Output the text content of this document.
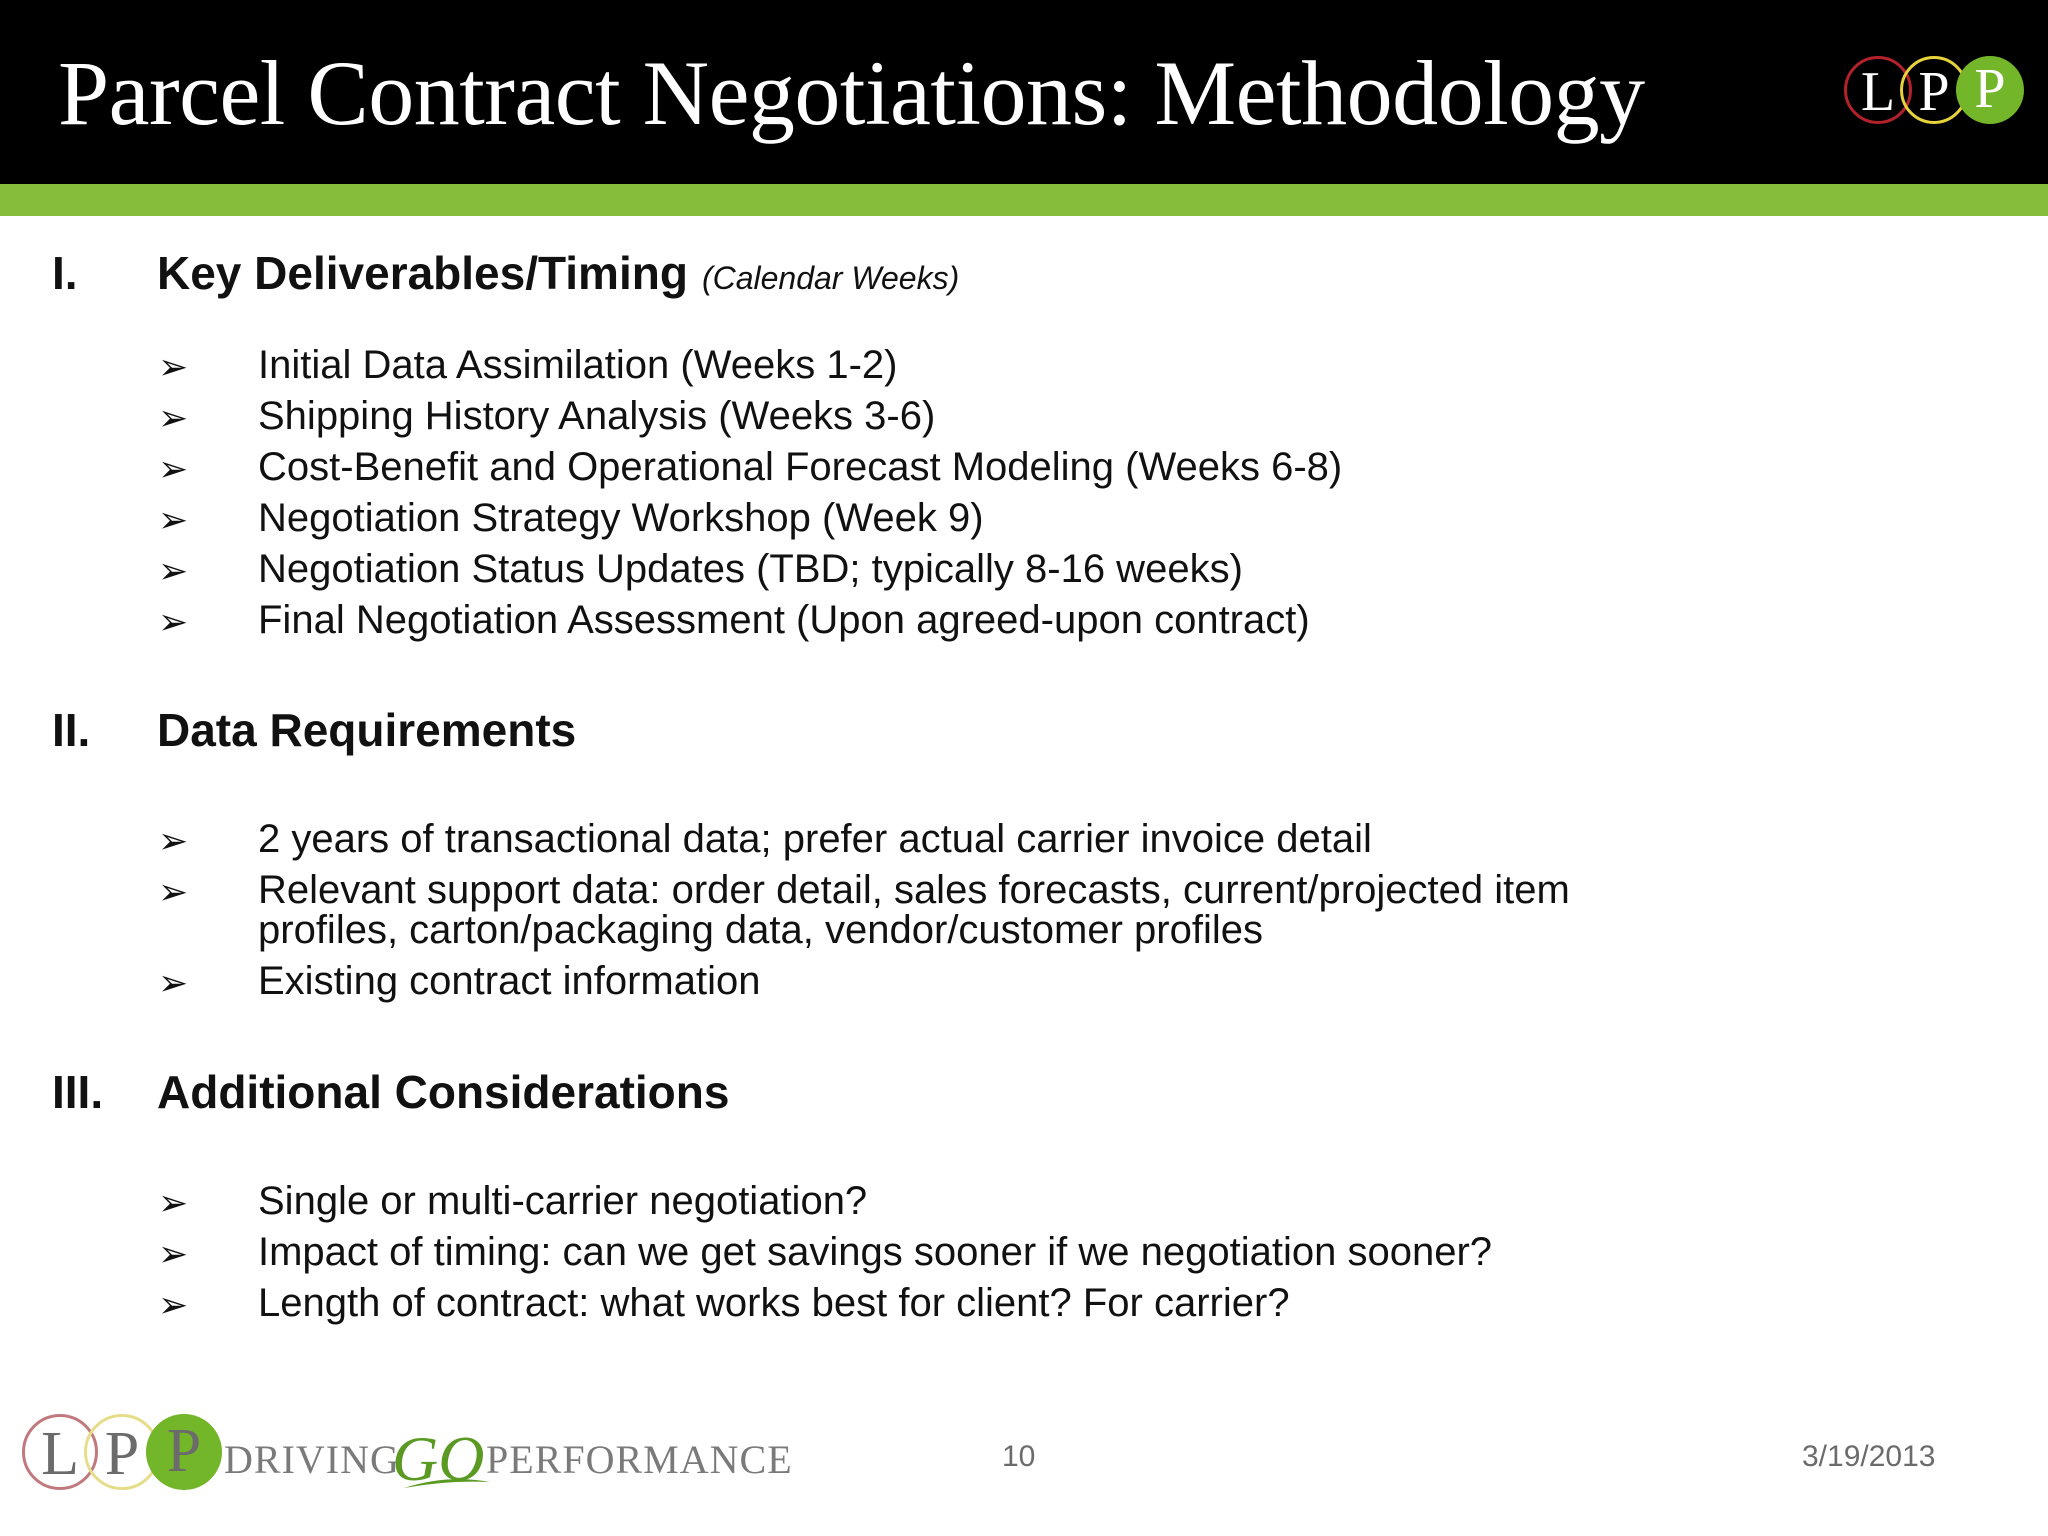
Parcel Contract Negotiations: Methodology	L P P
I. Key Deliverables/Timing (Calendar Weeks)
➢ Initial Data Assimilation (Weeks 1-2)
➢ Shipping History Analysis (Weeks 3-6)
➢ Cost-Benefit and Operational Forecast Modeling (Weeks 6-8)
➢ Negotiation Strategy Workshop (Week 9)
➢ Negotiation Status Updates (TBD; typically 8-16 weeks)
➢ Final Negotiation Assessment (Upon agreed-upon contract)
II. Data Requirements
➢ 2 years of transactional data; prefer actual carrier invoice detail
➢ Relevant support data: order detail, sales forecasts, current/projected item
profiles, carton/packaging data, vendor/customer profiles
➢ Existing contract information
III. Additional Considerations
➢ Single or multi-carrier negotiation?
➢ Impact of timing: can we get savings sooner if we negotiation sooner?
➢ Length of contract: what works best for client? For carrier?
L P P DRIVING
GO PERFORMANCE	10	3/19/2013
